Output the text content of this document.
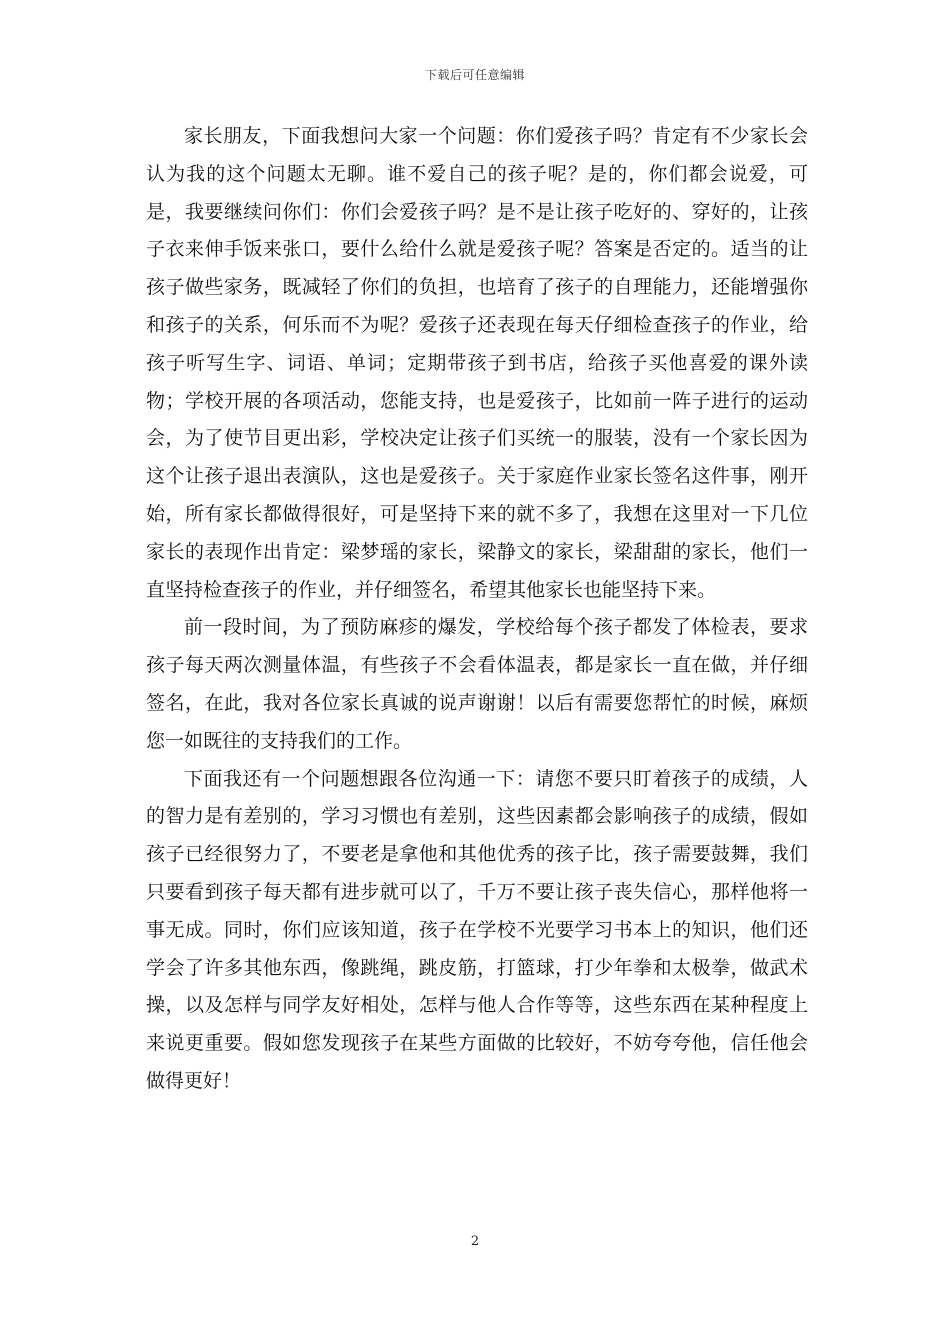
下载后可任意编辑

家长朋友，下面我想问大家一个问题：你们爱孩子吗？肯定有不少家长会认为我的这个问题太无聊。谁不爱自己的孩子呢？是的，你们都会说爱，可是，我要继续问你们：你们会爱孩子吗？是不是让孩子吃好的、穿好的，让孩子衣来伸手饭来张口，要什么给什么就是爱孩子呢？答案是否定的。适当的让孩子做些家务，既减轻了你们的负担，也培育了孩子的自理能力，还能增强你和孩子的关系，何乐而不为呢？爱孩子还表现在每天仔细检查孩子的作业，给孩子听写生字、词语、单词；定期带孩子到书店，给孩子买他喜爱的课外读物；学校开展的各项活动，您能支持，也是爱孩子，比如前一阵子进行的运动会，为了使节目更出彩，学校决定让孩子们买统一的服装，没有一个家长因为这个让孩子退出表演队，这也是爱孩子。关于家庭作业家长签名这件事，刚开始，所有家长都做得很好，可是坚持下来的就不多了，我想在这里对一下几位家长的表现作出肯定：梁梦瑶的家长，梁静文的家长，梁甜甜的家长，他们一直坚持检查孩子的作业，并仔细签名，希望其他家长也能坚持下来。

前一段时间，为了预防麻疹的爆发，学校给每个孩子都发了体检表，要求孩子每天两次测量体温，有些孩子不会看体温表，都是家长一直在做，并仔细签名，在此，我对各位家长真诚的说声谢谢！以后有需要您帮忙的时候，麻烦您一如既往的支持我们的工作。

下面我还有一个问题想跟各位沟通一下：请您不要只盯着孩子的成绩，人的智力是有差别的，学习习惯也有差别，这些因素都会影响孩子的成绩，假如孩子已经很努力了，不要老是拿他和其他优秀的孩子比，孩子需要鼓舞，我们只要看到孩子每天都有进步就可以了，千万不要让孩子丧失信心，那样他将一事无成。同时，你们应该知道，孩子在学校不光要学习书本上的知识，他们还学会了许多其他东西，像跳绳，跳皮筋，打篮球，打少年拳和太极拳，做武术操，以及怎样与同学友好相处，怎样与他人合作等等，这些东西在某种程度上来说更重要。假如您发现孩子在某些方面做的比较好，不妨夸夸他，信任他会做得更好！

2
